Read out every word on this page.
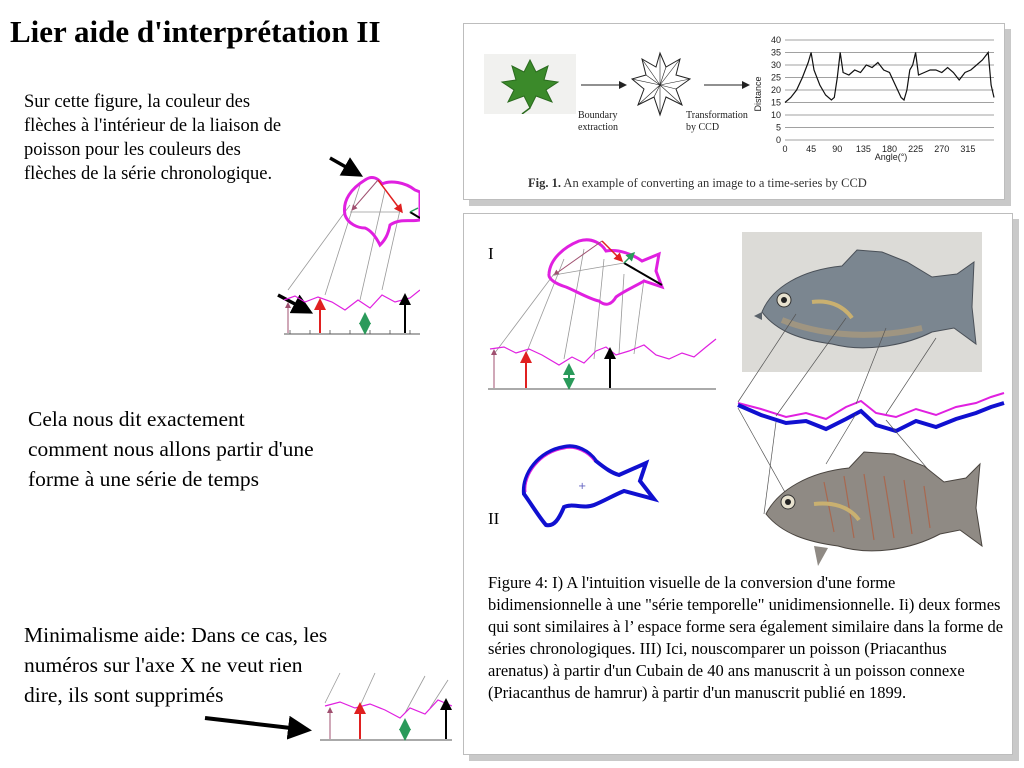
Lier aide d'interprétation II
Sur cette figure, la couleur des flèches à l'intérieur de la liaison de poisson pour les couleurs des flèches de la série chronologique.
Cela nous dit exactement comment nous allons partir d'une forme à une série de temps
Minimalisme aide: Dans ce cas, les numéros sur l'axe X ne veut rien dire, ils sont supprimés
Boundary extraction
Transformation by CCD
0
5
10
15
20
25
30
35
40
0 45 90 135 180 225 270 315
Distance
Angle(°)
Fig. 1. An example of converting an image to a time-series by CCD
I
II
+
Figure 4: I) A l'intuition visuelle de la conversion d'une forme bidimensionnelle à une "série temporelle" unidimensionnelle. Ii) deux formes qui sont similaires à l’ espace forme sera également similaire dans la forme de séries chronologiques. III) Ici, nouscomparer un poisson (Priacanthus arenatus) à partir d'un Cubain de 40 ans manuscrit à un poisson connexe (Priacanthus de hamrur) à partir d'un manuscrit publié en 1899.
